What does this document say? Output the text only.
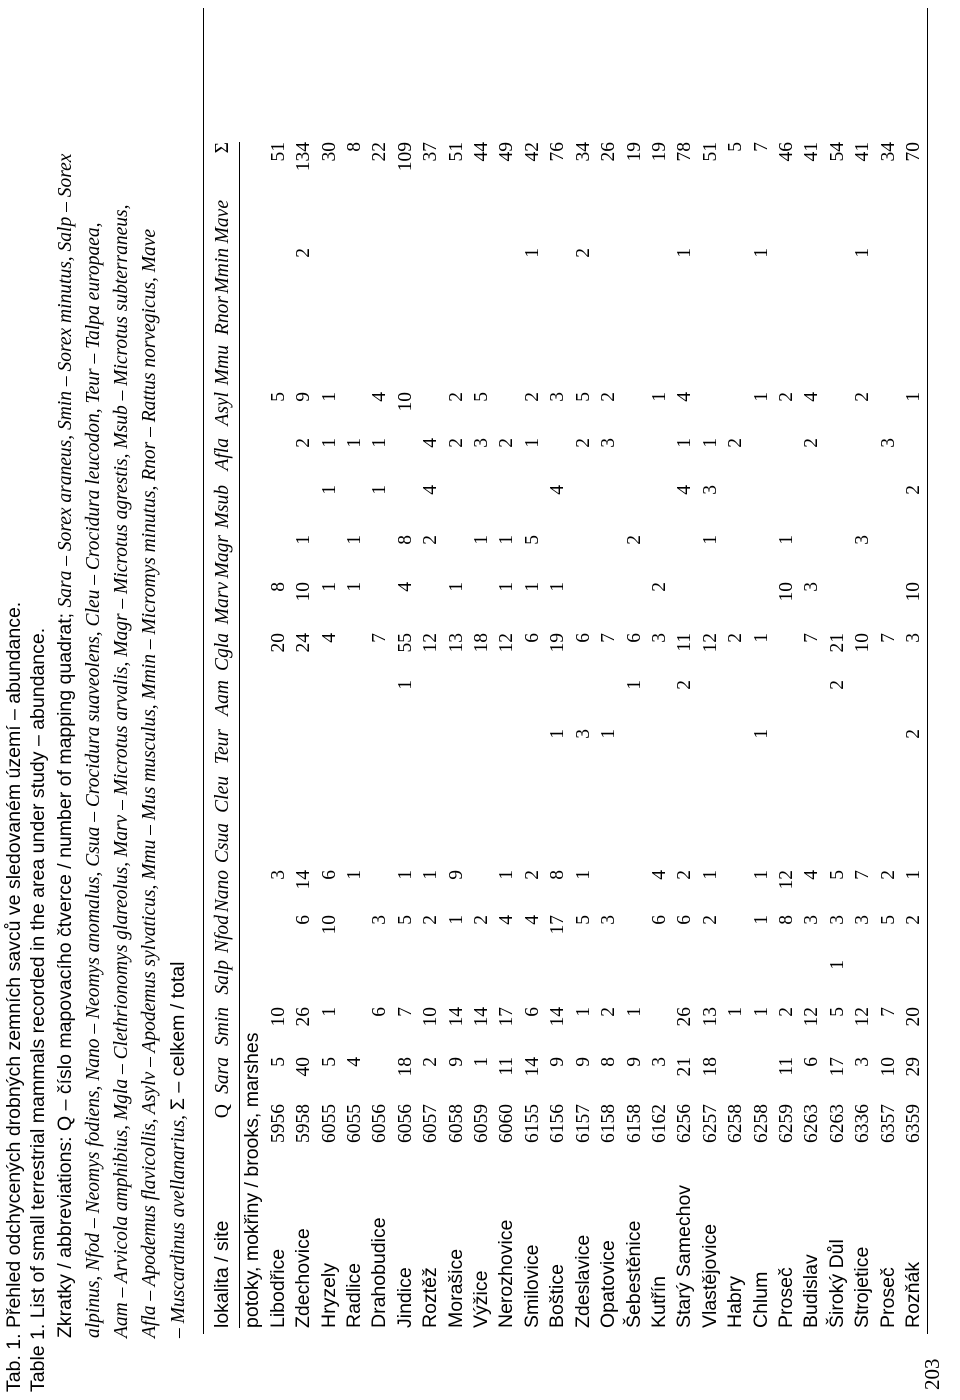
Tab. 1. Přehled odchycených drobných zemních savců ve sledovaném území – abundance. Table 1. List of small terrestrial mammals recorded in the area under study – abundance. Zkratky / abbreviations: Q – číslo mapovacího čtverce / number of mapping quadrat; Sara – Sorex araneus, Smin – Sorex minutus, Salp – Sorex alpinus, Nfod – Neomys fodiens, Nano – Neomys anomalus, Csua – Crocidura suaveolens, Cleu – Crocidura leucodon, Teur – Talpa europaea, Aam – Arvicola amphibius, Mgla – Clethrionomys glareolus, Marv – Microtus arvalis, Magr – Microtus agrestis, Msub – Microtus subterraneus, Afla – Apodemus flavicollis, Asylv – Apodemus sylvaticus, Mmu – Mus musculus, Mmin – Micromys minutus, Rnor – Rattus norvegicus, Mave – Muscardinus avellanarius, Σ – celkem / total
lokalita / site	Q	Sara	Smin	Salp	Nfod	Nano	Csua	Cleu	Teur	Aam	Cgla	Marv	Magr	Msub	Afla	Asyl	Mmu	Rnor	Mmin	Mave	Σ
potoky, mokřiny / brooks, marshes																					
Libodřice	5956	5	10			3					20	8				5					51
Zdechovice	5958	40	26		6	14					24	10	1		2	9			2		134
Hryzely	6055	5	1		10	6					4	1		1	1	1					30
Radlice	6055	4				1						1	1		1						8
Drahobudice	6056		6		3						7			1	1	4					22
Jindice	6056	18	7		5	1				1	55	4	8			10					109
Roztěž	6057	2	10		2	1					12		2	4	4						37
Morašice	6058	9	14		1	9					13	1			2	2					51
Výžice	6059	1	14		2						18		1		3	5					44
Nerozhovice	6060	11	17		4	1					12	1	1		2						49
Smilovice	6155	14	6		4	2					6	1	5		1	2			1		42
Boštice	6156	9	14		17	8			1		19	1		4		3					76
Zdeslavice	6157	9	1		5	1			3		6				2	5			2		34
Opatovice	6158	8	2		3				1		7				3	2					26
Šebestěnice	6158	9	1							1	6		2								19
Kutřín	6162	3			6	4					3	2				1					19
Starý Samechov	6256	21	26		6	2				2	11			4	1	4			1		78
Vlastějovice	6257	18	13		2	1					12		1	3	1						51
Habry	6258		1								2				2						5
Chlum	6258		1		1	1			1		1					1			1		7
Proseč	6259	11	2		8	12						10	1			2					46
Budislav	6263	6	12		3	4					7	3			2	4					41
Široký Důl	6263	17	5	1	3	5				2	21										54
Strojetice	6336	3	12		3	7					10		3			2			1		41
Proseč	6357	10	7		5	2					7				3						34
Rozňák	6359	29	20		2	1			2		3	10		2		1					70
203
